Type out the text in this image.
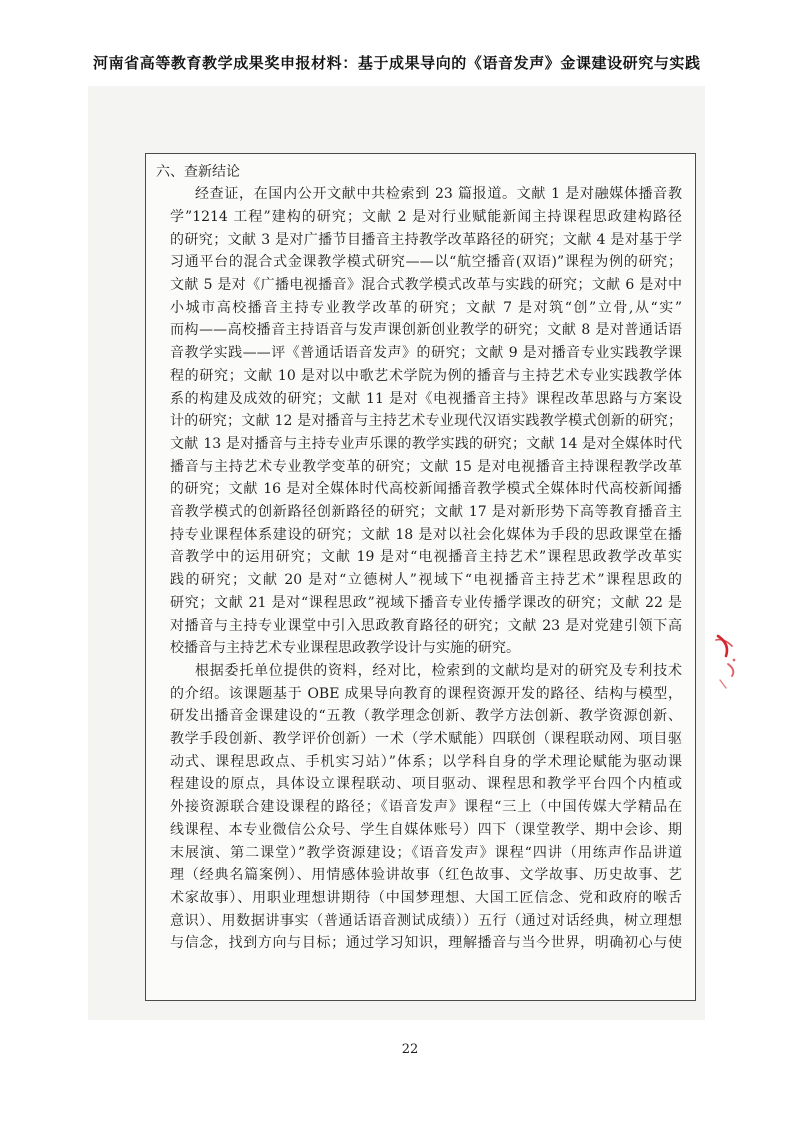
河南省高等教育教学成果奖申报材料：基于成果导向的《语音发声》金课建设研究与实践
六、查新结论
经查证，在国内公开文献中共检索到 23 篇报道。文献 1 是对融媒体播音教
学”1214 工程”建构的研究；文献 2 是对行业赋能新闻主持课程思政建构路径
的研究；文献 3 是对广播节目播音主持教学改革路径的研究；文献 4 是对基于学
习通平台的混合式金课教学模式研究——以“航空播音(双语)”课程为例的研究；
文献 5 是对《广播电视播音》混合式教学模式改革与实践的研究；文献 6 是对中
小城市高校播音主持专业教学改革的研究；文献 7 是对筑“创”立骨,从“实”
而构——高校播音主持语音与发声课创新创业教学的研究；文献 8 是对普通话语
音教学实践——评《普通话语音发声》的研究；文献 9 是对播音专业实践教学课
程的研究；文献 10 是对以中歌艺术学院为例的播音与主持艺术专业实践教学体
系的构建及成效的研究；文献 11 是对《电视播音主持》课程改革思路与方案设
计的研究；文献 12 是对播音与主持艺术专业现代汉语实践教学模式创新的研究；
文献 13 是对播音与主持专业声乐课的教学实践的研究；文献 14 是对全媒体时代
播音与主持艺术专业教学变革的研究；文献 15 是对电视播音主持课程教学改革
的研究；文献 16 是对全媒体时代高校新闻播音教学模式全媒体时代高校新闻播
音教学模式的创新路径创新路径的研究；文献 17 是对新形势下高等教育播音主
持专业课程体系建设的研究；文献 18 是对以社会化媒体为手段的思政课堂在播
音教学中的运用研究；文献 19 是对“电视播音主持艺术”课程思政教学改革实
践的研究；文献 20 是对“立德树人”视域下“电视播音主持艺术”课程思政的
研究；文献 21 是对“课程思政”视域下播音专业传播学课改的研究；文献 22 是
对播音与主持专业课堂中引入思政教育路径的研究；文献 23 是对党建引领下高
校播音与主持艺术专业课程思政教学设计与实施的研究。
根据委托单位提供的资料，经对比，检索到的文献均是对的研究及专利技术
的介绍。该课题基于 OBE 成果导向教育的课程资源开发的路径、结构与模型，
研发出播音金课建设的“五教（教学理念创新、教学方法创新、教学资源创新、
教学手段创新、教学评价创新）一术（学术赋能）四联创（课程联动网、项目驱
动式、课程思政点、手机实习站）”体系；以学科自身的学术理论赋能为驱动课
程建设的原点，具体设立课程联动、项目驱动、课程思和教学平台四个内植或
外接资源联合建设课程的路径；《语音发声》课程“三上（中国传媒大学精品在
线课程、本专业微信公众号、学生自媒体账号）四下（课堂教学、期中会诊、期
末展演、第二课堂）”教学资源建设；《语音发声》课程“四讲（用练声作品讲道
理（经典名篇案例）、用情感体验讲故事（红色故事、文学故事、历史故事、艺
术家故事）、用职业理想讲期待（中国梦理想、大国工匠信念、党和政府的喉舌
意识）、用数据讲事实（普通话语音测试成绩））五行（通过对话经典，树立理想
与信念，找到方向与目标；通过学习知识，理解播音与当今世界，明确初心与使
22
